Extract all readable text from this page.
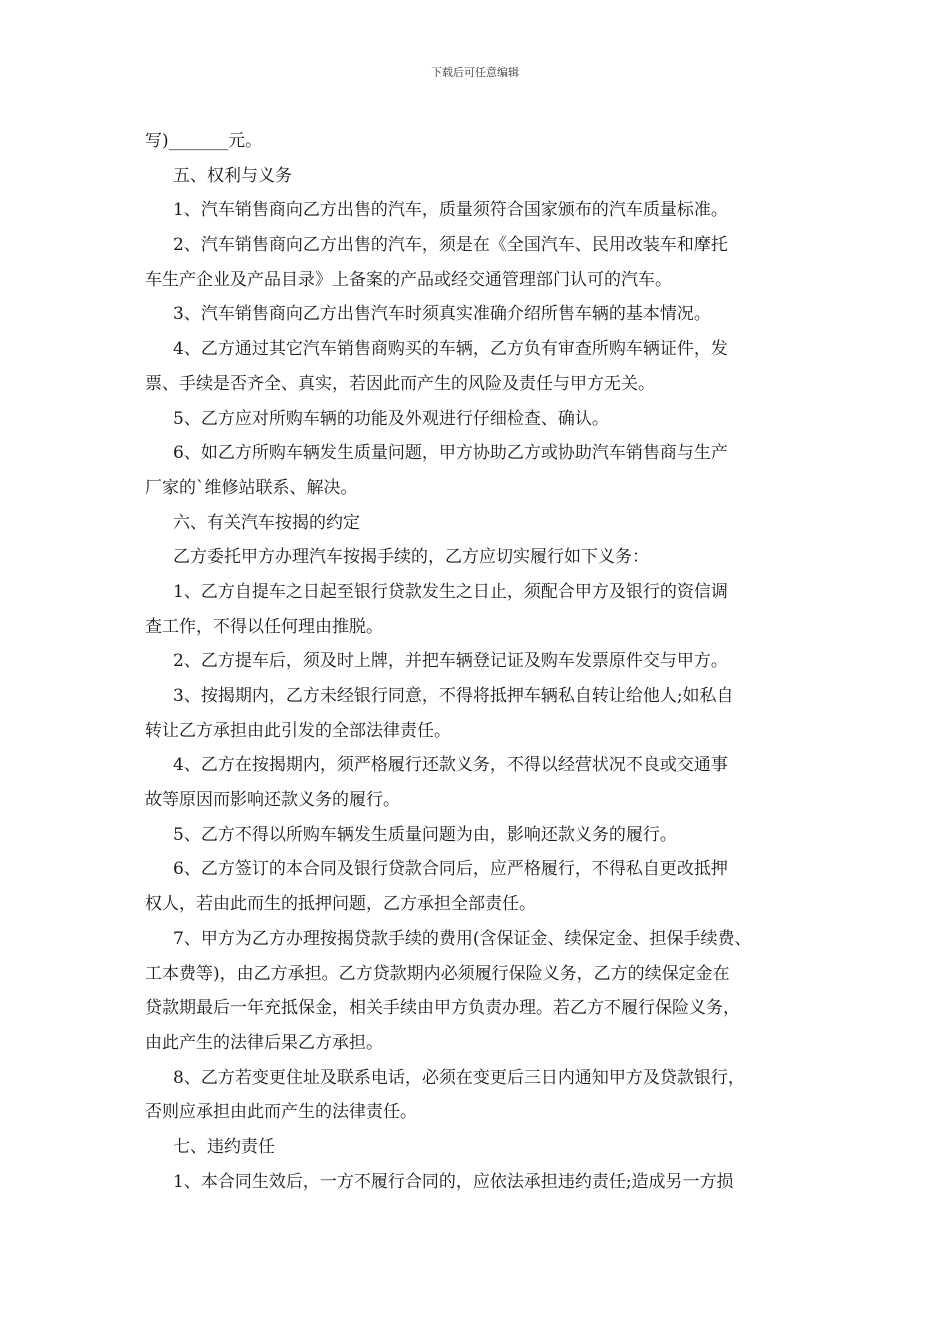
下载后可任意编辑
写)_______元。
五、权利与义务
1、汽车销售商向乙方出售的汽车，质量须符合国家颁布的汽车质量标准。
2、汽车销售商向乙方出售的汽车，须是在《全国汽车、民用改装车和摩托
车生产企业及产品目录》上备案的产品或经交通管理部门认可的汽车。
3、汽车销售商向乙方出售汽车时须真实准确介绍所售车辆的基本情况。
4、乙方通过其它汽车销售商购买的车辆，乙方负有审查所购车辆证件，发
票、手续是否齐全、真实，若因此而产生的风险及责任与甲方无关。
5、乙方应对所购车辆的功能及外观进行仔细检查、确认。
6、如乙方所购车辆发生质量问题，甲方协助乙方或协助汽车销售商与生产
厂家的`维修站联系、解决。
六、有关汽车按揭的约定
乙方委托甲方办理汽车按揭手续的，乙方应切实履行如下义务：
1、乙方自提车之日起至银行贷款发生之日止，须配合甲方及银行的资信调
查工作，不得以任何理由推脱。
2、乙方提车后，须及时上牌，并把车辆登记证及购车发票原件交与甲方。
3、按揭期内，乙方未经银行同意，不得将抵押车辆私自转让给他人;如私自
转让乙方承担由此引发的全部法律责任。
4、乙方在按揭期内，须严格履行还款义务，不得以经营状况不良或交通事
故等原因而影响还款义务的履行。
5、乙方不得以所购车辆发生质量问题为由，影响还款义务的履行。
6、乙方签订的本合同及银行贷款合同后，应严格履行，不得私自更改抵押
权人，若由此而生的抵押问题，乙方承担全部责任。
7、甲方为乙方办理按揭贷款手续的费用(含保证金、续保定金、担保手续费、
工本费等)，由乙方承担。乙方贷款期内必须履行保险义务，乙方的续保定金在
贷款期最后一年充抵保金，相关手续由甲方负责办理。若乙方不履行保险义务，
由此产生的法律后果乙方承担。
8、乙方若变更住址及联系电话，必须在变更后三日内通知甲方及贷款银行，
否则应承担由此而产生的法律责任。
七、违约责任
1、本合同生效后，一方不履行合同的，应依法承担违约责任;造成另一方损
